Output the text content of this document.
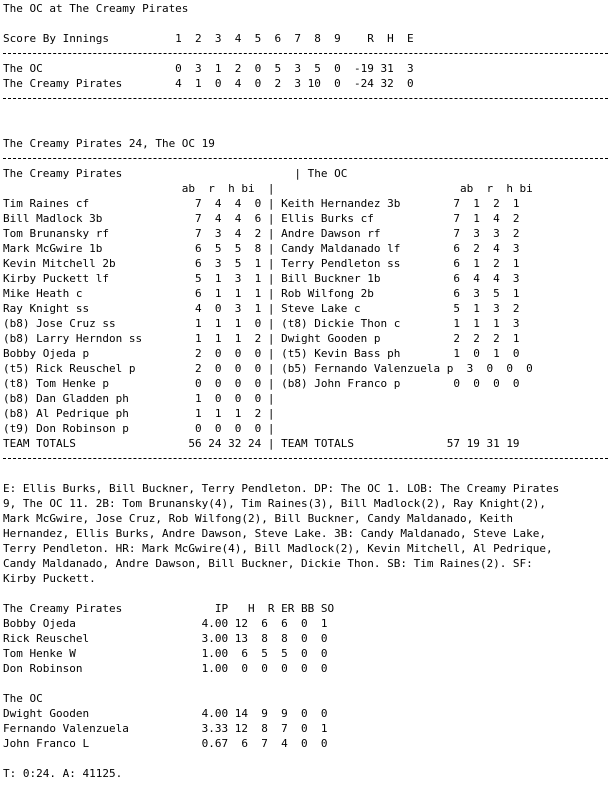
The OC at The Creamy Pirates
Score By Innings          1  2  3  4  5  6  7  8  9    R  H  E
The OC                    0  3  1  2  0  5  3  5  0  -19 31  3
The Creamy Pirates        4  1  0  4  0  2  3 10  0  -24 32  0
The Creamy Pirates 24, The OC 19
The Creamy Pirates                          | The OC
ab  r  h bi  |                            ab  r  h bi
Tim Raines cf                7  4  4  0 | Keith Hernandez 3b        7  1  2  1
Bill Madlock 3b              7  4  4  6 | Ellis Burks cf            7  1  4  2
Tom Brunansky rf             7  3  4  2 | Andre Dawson rf           7  3  3  2
Mark McGwire 1b              6  5  5  8 | Candy Maldanado lf        6  2  4  3
Kevin Mitchell 2b            6  3  5  1 | Terry Pendleton ss        6  1  2  1
Kirby Puckett lf             5  1  3  1 | Bill Buckner 1b           6  4  4  3
Mike Heath c                 6  1  1  1 | Rob Wilfong 2b            6  3  5  1
Ray Knight ss                4  0  3  1 | Steve Lake c              5  1  3  2
(b8) Jose Cruz ss            1  1  1  0 | (t8) Dickie Thon c        1  1  1  3
(b8) Larry Herndon ss        1  1  1  2 | Dwight Gooden p           2  2  2  1
Bobby Ojeda p                2  0  0  0 | (t5) Kevin Bass ph        1  0  1  0
(t5) Rick Reuschel p         2  0  0  0 | (b5) Fernando Valenzuela p  3  0  0  0
(t8) Tom Henke p             0  0  0  0 | (b8) John Franco p        0  0  0  0
(b8) Dan Gladden ph          1  0  0  0 |
(b8) Al Pedrique ph          1  1  1  2 |
(t9) Don Robinson p          0  0  0  0 |
TEAM TOTALS                 56 24 32 24 | TEAM TOTALS              57 19 31 19
E: Ellis Burks, Bill Buckner, Terry Pendleton. DP: The OC 1. LOB: The Creamy Pirates
9, The OC 11. 2B: Tom Brunansky(4), Tim Raines(3), Bill Madlock(2), Ray Knight(2),
Mark McGwire, Jose Cruz, Rob Wilfong(2), Bill Buckner, Candy Maldanado, Keith
Hernandez, Ellis Burks, Andre Dawson, Steve Lake. 3B: Candy Maldanado, Steve Lake,
Terry Pendleton. HR: Mark McGwire(4), Bill Madlock(2), Kevin Mitchell, Al Pedrique,
Candy Maldanado, Andre Dawson, Bill Buckner, Dickie Thon. SB: Tim Raines(2). SF:
Kirby Puckett.
The Creamy Pirates              IP   H  R ER BB SO
Bobby Ojeda                   4.00 12  6  6  0  1
Rick Reuschel                 3.00 13  8  8  0  0
Tom Henke W                   1.00  6  5  5  0  0
Don Robinson                  1.00  0  0  0  0  0
The OC
Dwight Gooden                 4.00 14  9  9  0  0
Fernando Valenzuela           3.33 12  8  7  0  1
John Franco L                 0.67  6  7  4  0  0
T: 0:24. A: 41125.
